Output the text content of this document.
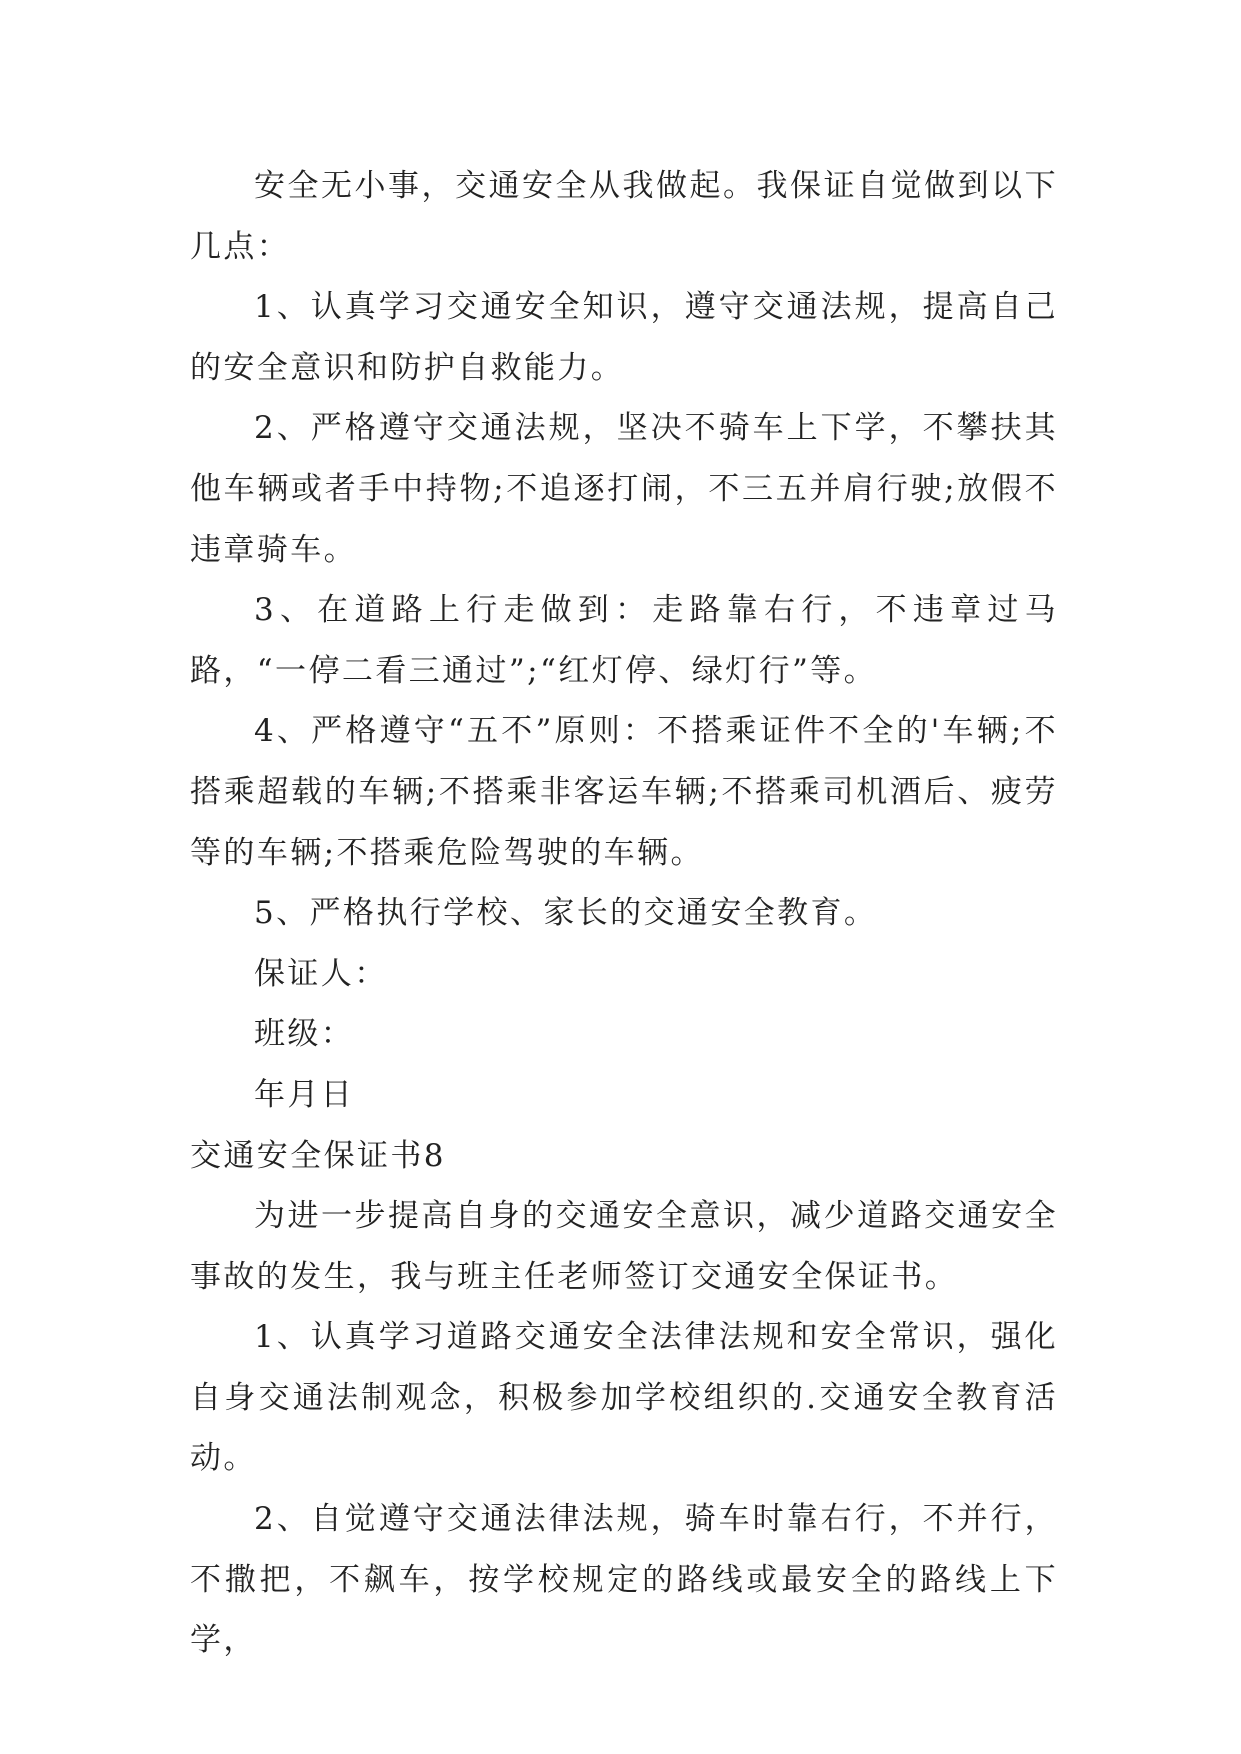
安全无小事，交通安全从我做起。我保证自觉做到以下几点：

1、认真学习交通安全知识，遵守交通法规，提高自己的安全意识和防护自救能力。

2、严格遵守交通法规，坚决不骑车上下学，不攀扶其他车辆或者手中持物;不追逐打闹，不三五并肩行驶;放假不违章骑车。

3、在道路上行走做到：走路靠右行，不违章过马路，“一停二看三通过”;“红灯停、绿灯行”等。

4、严格遵守“五不”原则：不搭乘证件不全的'车辆;不搭乘超载的车辆;不搭乘非客运车辆;不搭乘司机酒后、疲劳等的车辆;不搭乘危险驾驶的车辆。

5、严格执行学校、家长的交通安全教育。

保证人：

班级：

年月日

交通安全保证书8

为进一步提高自身的交通安全意识，减少道路交通安全事故的发生，我与班主任老师签订交通安全保证书。

1、认真学习道路交通安全法律法规和安全常识，强化自身交通法制观念，积极参加学校组织的.交通安全教育活动。

2、自觉遵守交通法律法规，骑车时靠右行，不并行，不撒把，不飙车，按学校规定的路线或最安全的路线上下学，
